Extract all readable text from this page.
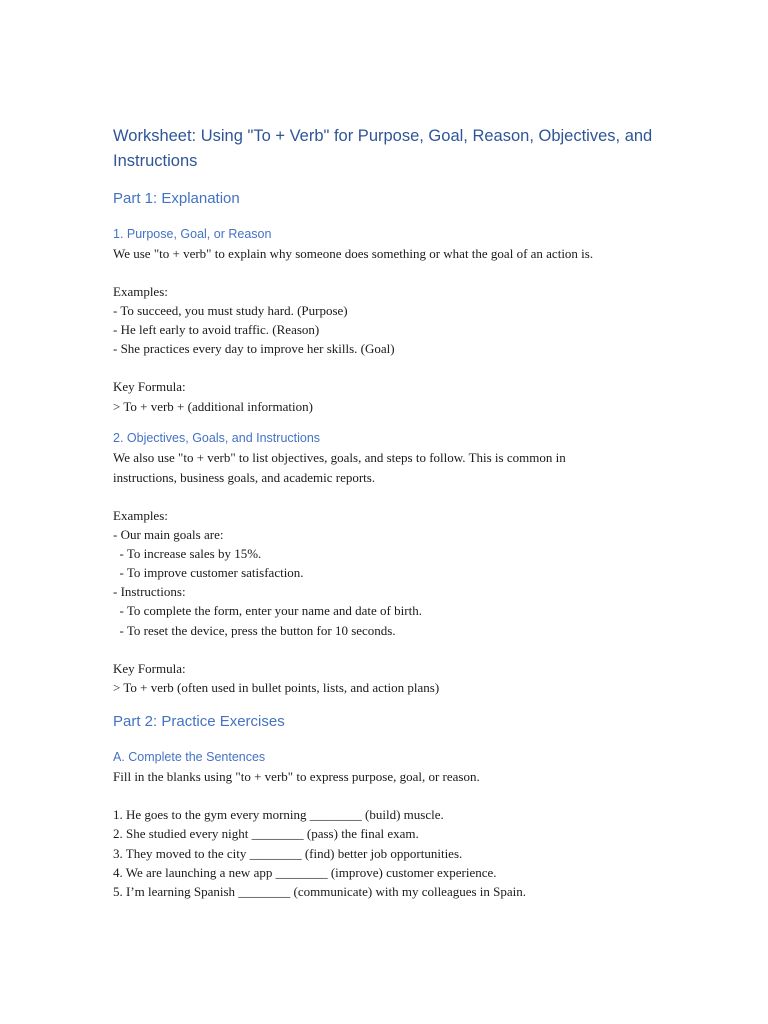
Worksheet: Using "To + Verb" for Purpose, Goal, Reason, Objectives, and Instructions
Part 1: Explanation
1. Purpose, Goal, or Reason

We use "to + verb" to explain why someone does something or what the goal of an action is.

Examples:

- To succeed, you must study hard. (Purpose)

- He left early to avoid traffic. (Reason)

- She practices every day to improve her skills. (Goal)

Key Formula:

> To + verb + (additional information)

2. Objectives, Goals, and Instructions

We also use "to + verb" to list objectives, goals, and steps to follow. This is common in

instructions, business goals, and academic reports.

Examples:

- Our main goals are:

- To increase sales by 15%.

- To improve customer satisfaction.

- Instructions:

- To complete the form, enter your name and date of birth.

- To reset the device, press the button for 10 seconds.

Key Formula:

> To + verb (often used in bullet points, lists, and action plans)

Part 2: Practice Exercises
A. Complete the Sentences

Fill in the blanks using "to + verb" to express purpose, goal, or reason.

1. He goes to the gym every morning ________ (build) muscle.

2. She studied every night ________ (pass) the final exam.

3. They moved to the city ________ (find) better job opportunities.

4. We are launching a new app ________ (improve) customer experience.

5. I’m learning Spanish ________ (communicate) with my colleagues in Spain.
